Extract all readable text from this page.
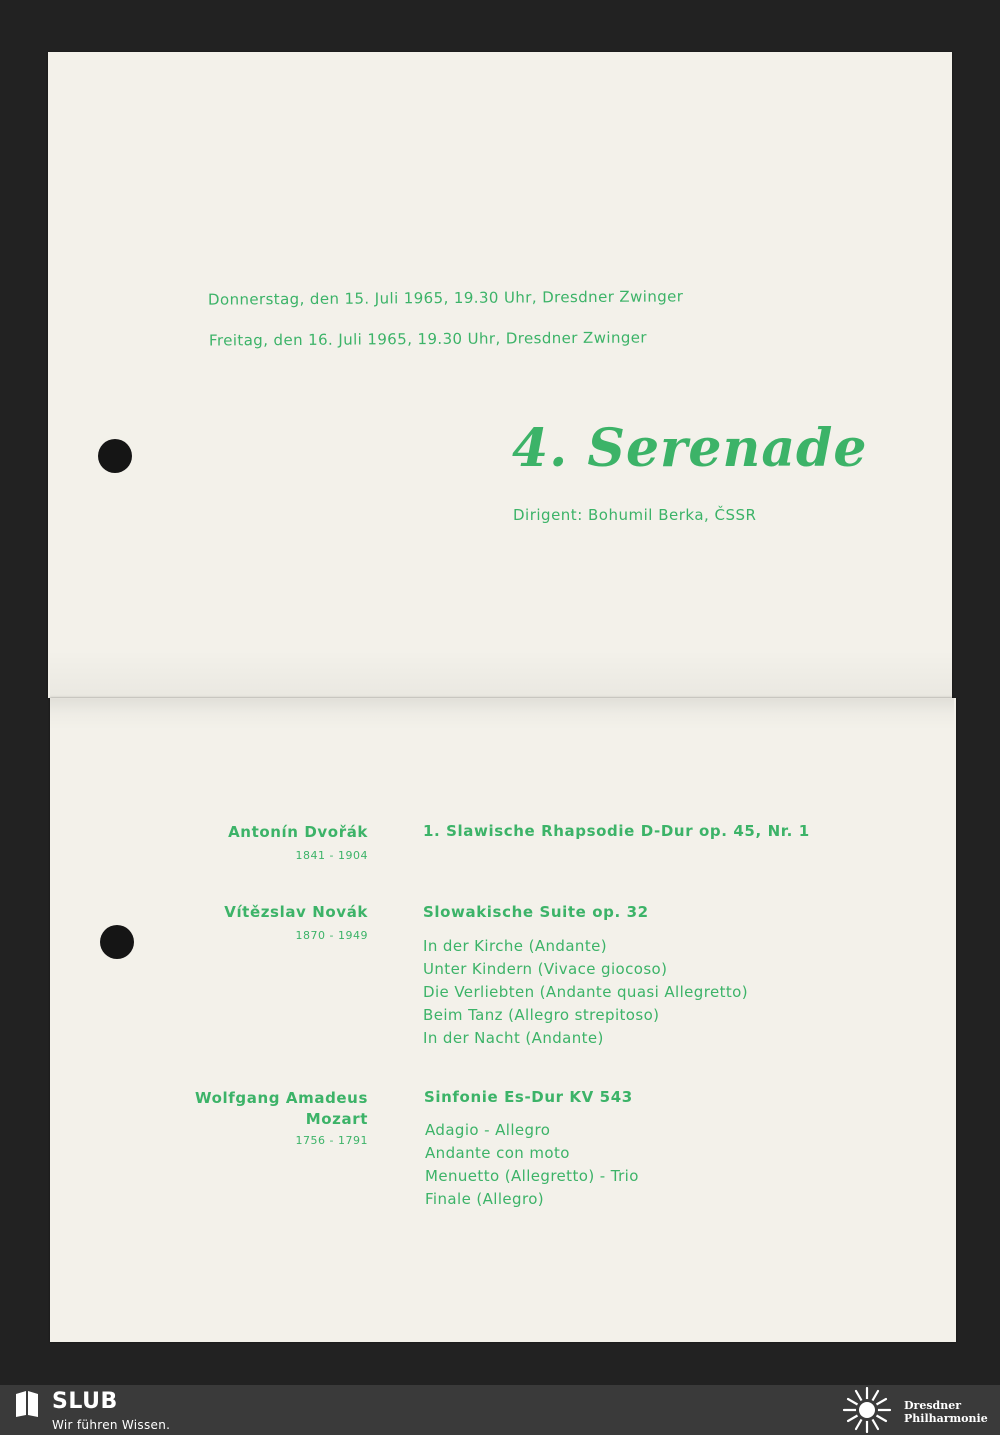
Donnerstag, den 15. Juli 1965, 19.30 Uhr, Dresdner Zwinger
Freitag, den 16. Juli 1965, 19.30 Uhr, Dresdner Zwinger
4. Serenade
Dirigent: Bohumil Berka, ČSSR
Antonín Dvořák
1841 - 1904
1. Slawische Rhapsodie D-Dur op. 45, Nr. 1
Vítězslav Novák
1870 - 1949
Slowakische Suite op. 32
In der Kirche (Andante)
Unter Kindern (Vivace giocoso)
Die Verliebten (Andante quasi Allegretto)
Beim Tanz (Allegro strepitoso)
In der Nacht (Andante)
Wolfgang Amadeus
Mozart
1756 - 1791
Sinfonie Es-Dur KV 543
Adagio - Allegro
Andante con moto
Menuetto (Allegretto) - Trio
Finale (Allegro)
SLUB
Wir führen Wissen.
Dresdner
Philharmonie
